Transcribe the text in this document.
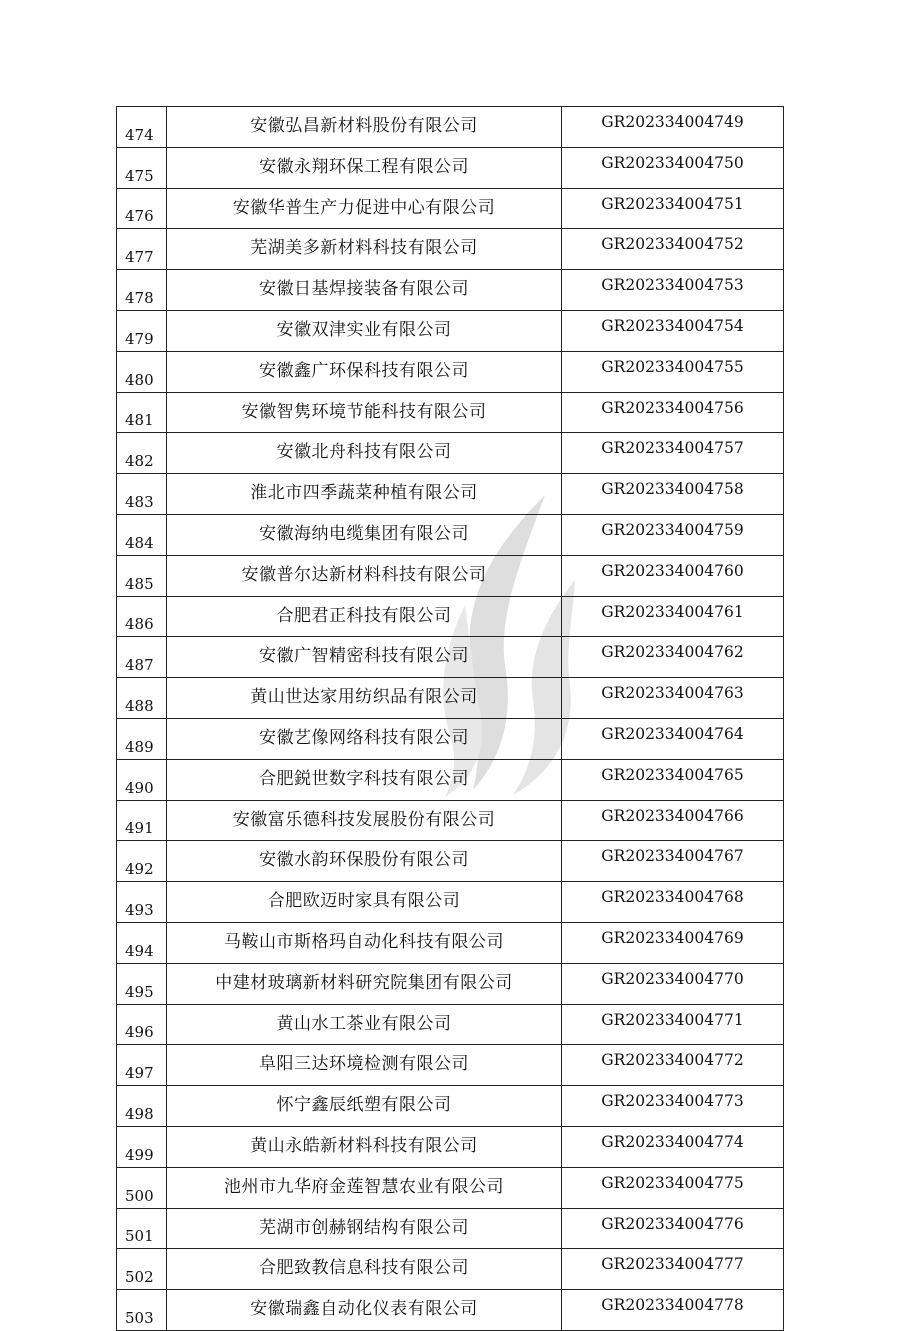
474	安徽弘昌新材料股份有限公司	GR202334004749
475	安徽永翔环保工程有限公司	GR202334004750
476	安徽华普生产力促进中心有限公司	GR202334004751
477	芜湖美多新材料科技有限公司	GR202334004752
478	安徽日基焊接装备有限公司	GR202334004753
479	安徽双津实业有限公司	GR202334004754
480	安徽鑫广环保科技有限公司	GR202334004755
481	安徽智隽环境节能科技有限公司	GR202334004756
482	安徽北舟科技有限公司	GR202334004757
483	淮北市四季蔬菜种植有限公司	GR202334004758
484	安徽海纳电缆集团有限公司	GR202334004759
485	安徽普尔达新材料科技有限公司	GR202334004760
486	合肥君正科技有限公司	GR202334004761
487	安徽广智精密科技有限公司	GR202334004762
488	黄山世达家用纺织品有限公司	GR202334004763
489	安徽艺像网络科技有限公司	GR202334004764
490	合肥鋭世数字科技有限公司	GR202334004765
491	安徽富乐德科技发展股份有限公司	GR202334004766
492	安徽水韵环保股份有限公司	GR202334004767
493	合肥欧迈时家具有限公司	GR202334004768
494	马鞍山市斯格玛自动化科技有限公司	GR202334004769
495	中建材玻璃新材料研究院集团有限公司	GR202334004770
496	黄山水工茶业有限公司	GR202334004771
497	阜阳三达环境检测有限公司	GR202334004772
498	怀宁鑫辰纸塑有限公司	GR202334004773
499	黄山永皓新材料科技有限公司	GR202334004774
500	池州市九华府金莲智慧农业有限公司	GR202334004775
501	芜湖市创赫钢结构有限公司	GR202334004776
502	合肥致教信息科技有限公司	GR202334004777
503	安徽瑞鑫自动化仪表有限公司	GR202334004778
